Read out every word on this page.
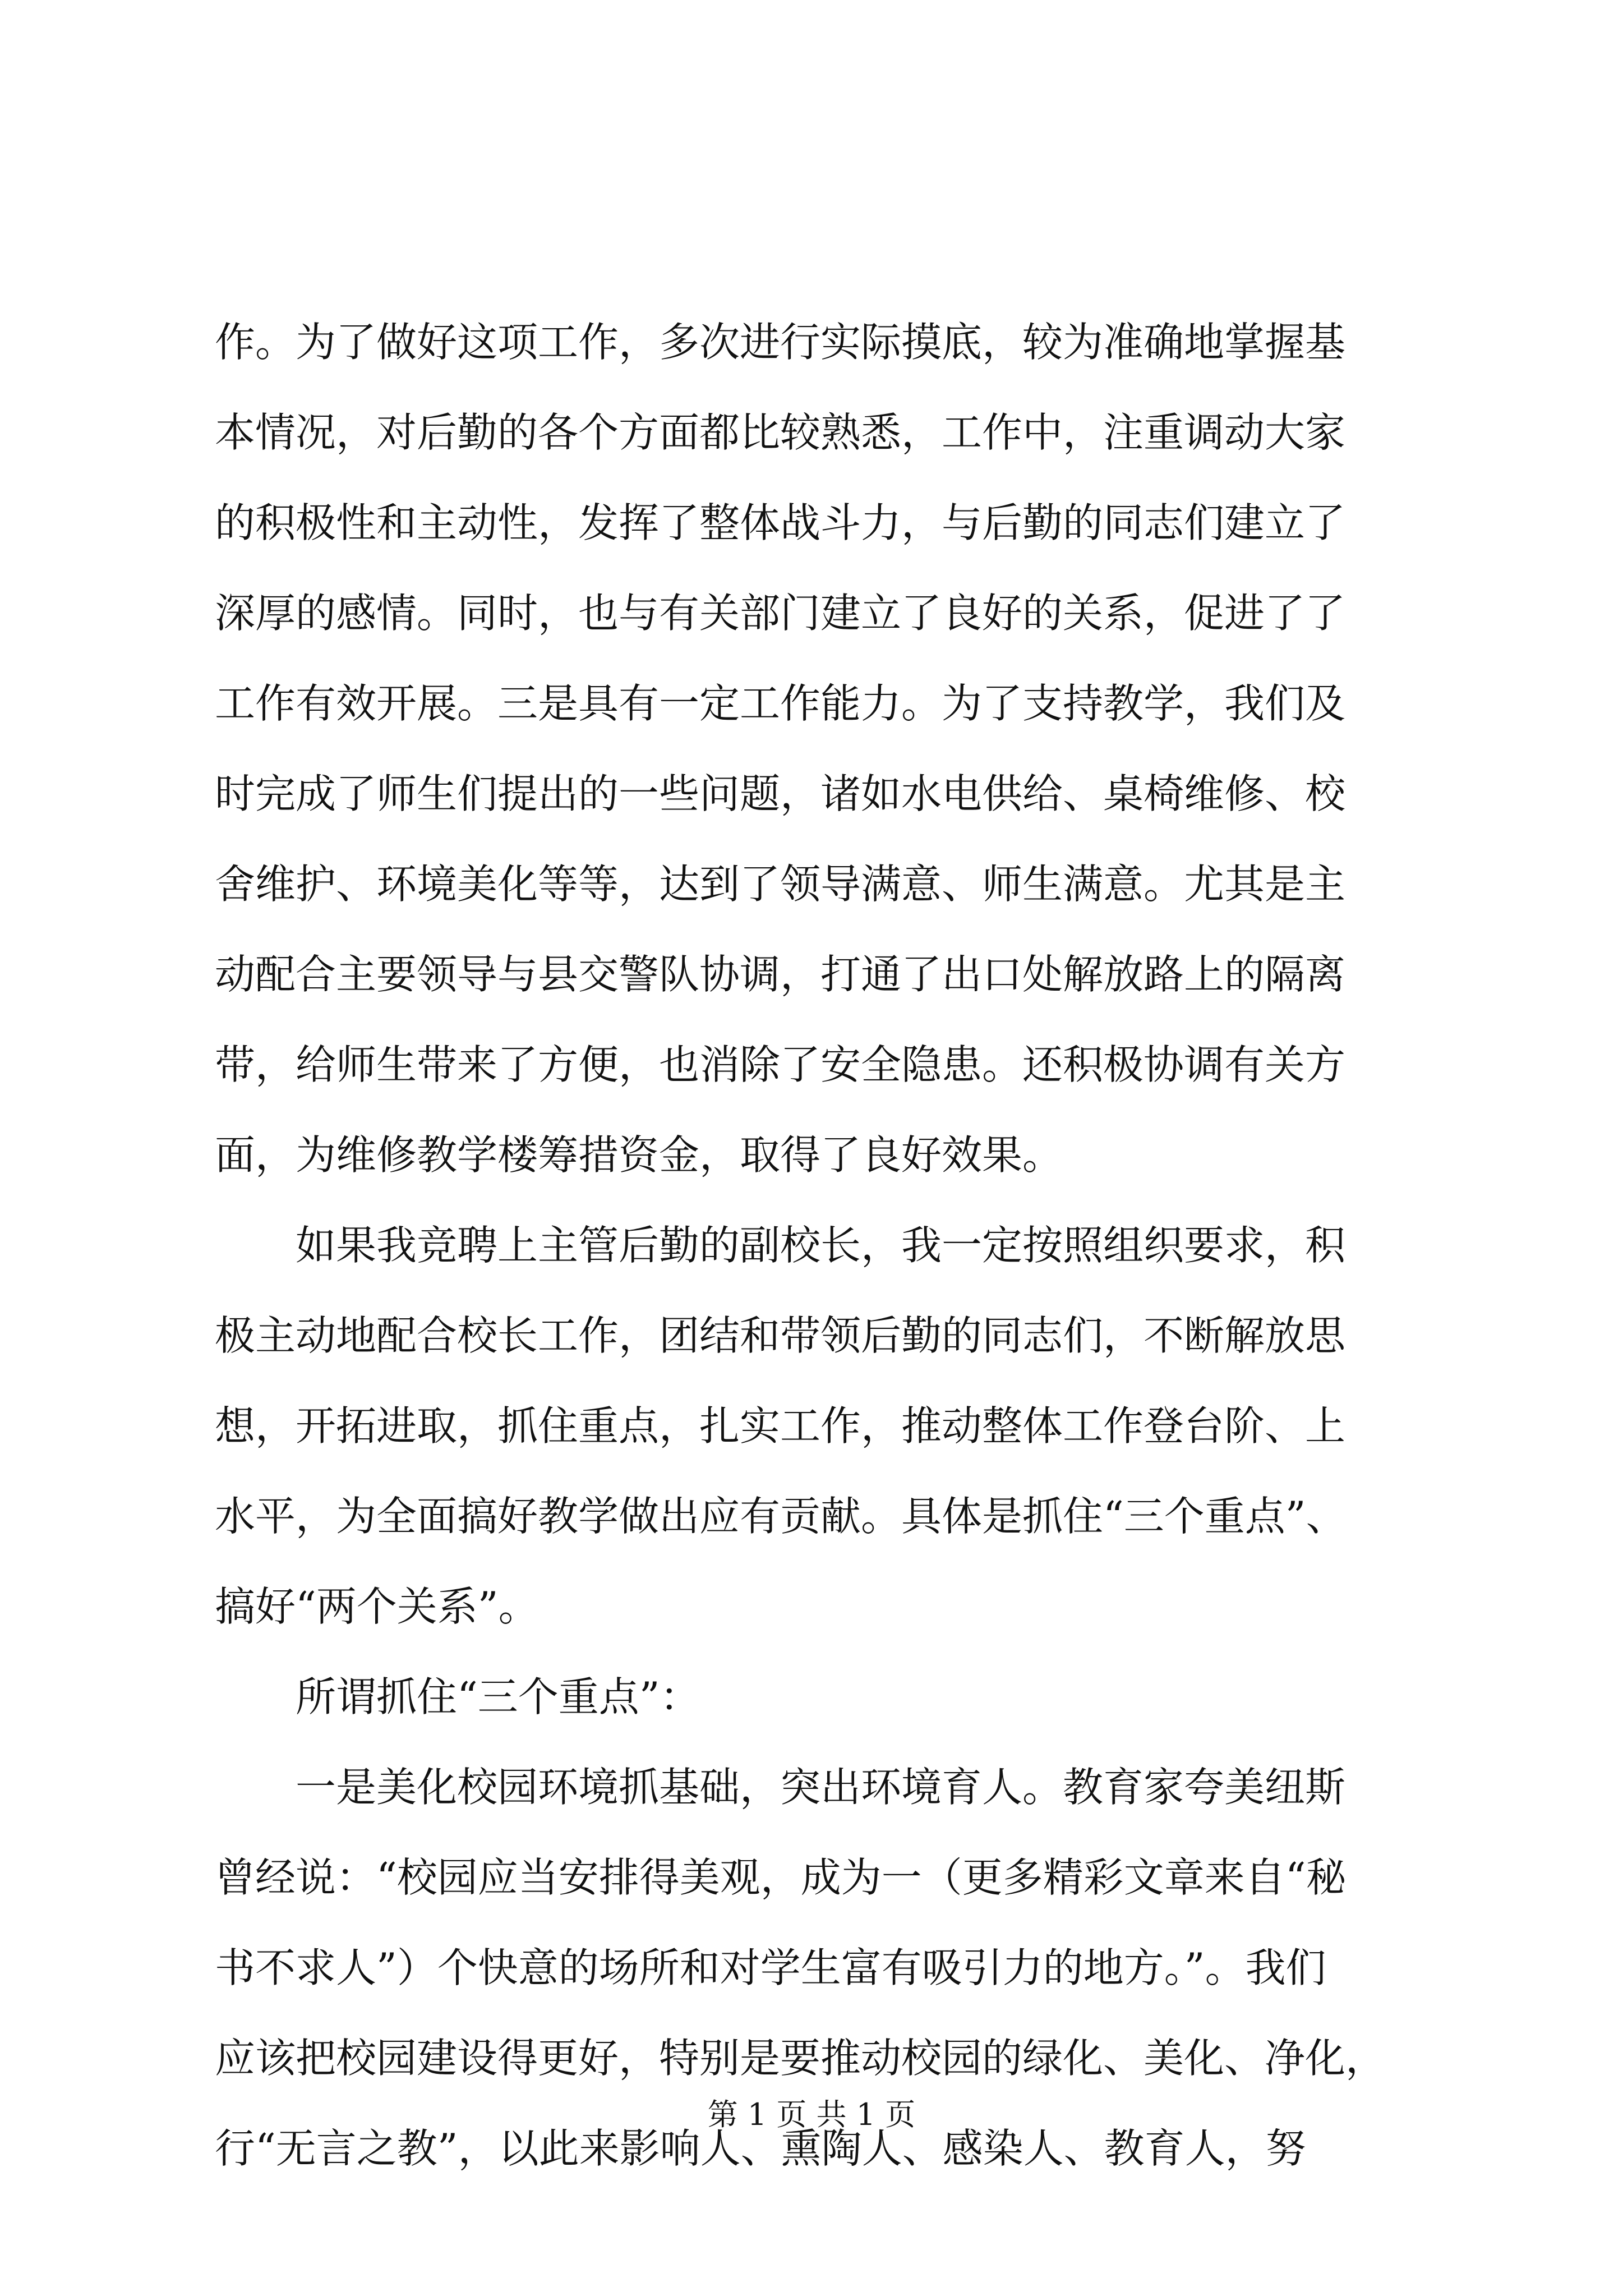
作。为了做好这项工作，多次进行实际摸底，较为准确地掌握基
本情况，对后勤的各个方面都比较熟悉，工作中，注重调动大家
的积极性和主动性，发挥了整体战斗力，与后勤的同志们建立了
深厚的感情。同时，也与有关部门建立了良好的关系，促进了了
工作有效开展。三是具有一定工作能力。为了支持教学，我们及
时完成了师生们提出的一些问题，诸如水电供给、桌椅维修、校
舍维护、环境美化等等，达到了领导满意、师生满意。尤其是主
动配合主要领导与县交警队协调，打通了出口处解放路上的隔离
带，给师生带来了方便，也消除了安全隐患。还积极协调有关方
面，为维修教学楼筹措资金，取得了良好效果。
　　如果我竞聘上主管后勤的副校长，我一定按照组织要求，积
极主动地配合校长工作，团结和带领后勤的同志们，不断解放思
想，开拓进取，抓住重点，扎实工作，推动整体工作登台阶、上
水平，为全面搞好教学做出应有贡献。具体是抓住“三个重点”、
搞好“两个关系”。
　　所谓抓住“三个重点”：
　　一是美化校园环境抓基础，突出环境育人。教育家夸美纽斯
曾经说：“校园应当安排得美观，成为一（更多精彩文章来自“秘
书不求人”）个快意的场所和对学生富有吸引力的地方。”。我们
应该把校园建设得更好，特别是要推动校园的绿化、美化、净化，
行“无言之教”，以此来影响人、熏陶人、感染人、教育人，努
第 1 页 共 1 页
